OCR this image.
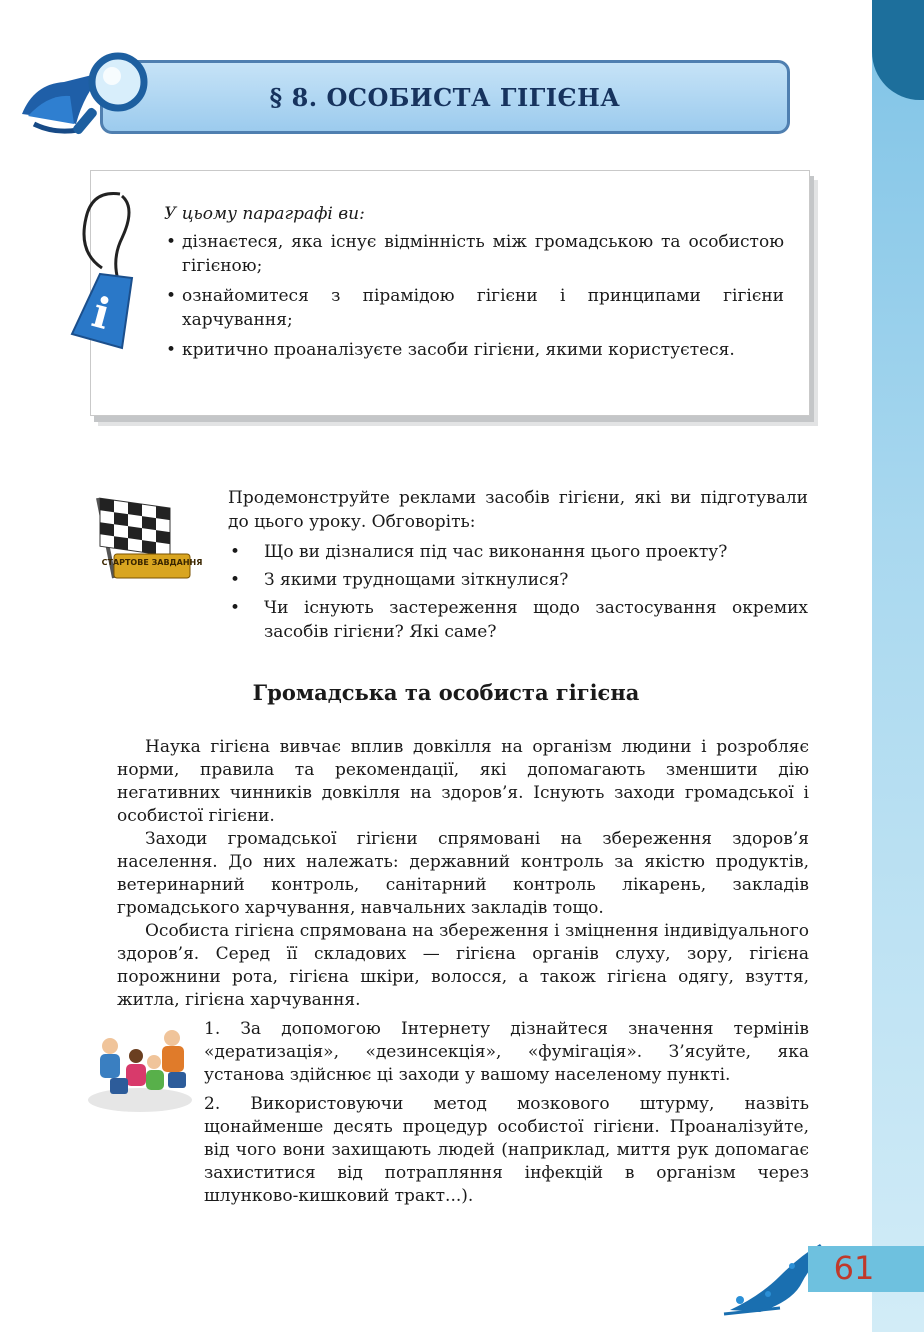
§ 8. ОСОБИСТА ГІГІЄНА
i
У цьому параграфі ви:
• дізнаєтеся, яка існує відмінність між громадською та особистою гігієною;
• ознайомитеся з пірамідою гігієни і принципами гігієни харчування;
• критично проаналізуєте засоби гігієни, якими користуєтеся.
СТАРТОВЕ ЗАВДАННЯ
Продемонструйте реклами засобів гігієни, які ви підготували до цього уроку. Обговоріть:
• Що ви дізналися під час виконання цього проекту?
• З якими труднощами зіткнулися?
• Чи існують застереження щодо застосування окремих засобів гігієни? Які саме?
Громадська та особиста гігієна

Наука гігієна вивчає вплив довкілля на організм людини і розробляє норми, правила та рекомендації, які допомагають зменшити дію негативних чинників довкілля на здоров’я. Існують заходи громадської і особистої гігієни.

Заходи громадської гігієни спрямовані на збереження здоров’я населення. До них належать: державний контроль за якістю продуктів, ветеринарний контроль, санітарний контроль лікарень, закладів громадського харчування, навчальних закладів тощо.

Особиста гігієна спрямована на збереження і зміцнення індивідуального здоров’я. Серед її складових — гігієна органів слуху, зору, гігієна порожнини рота, гігієна шкіри, волосся, а також гігієна одягу, взуття, житла, гігієна харчування.

1. За допомогою Інтернету дізнайтеся значення термінів «дератизація», «дезинсекція», «фумігація». З’ясуйте, яка установа здійснює ці заходи у вашому населеному пункті.

2. Використовуючи метод мозкового штурму, назвіть щонайменше десять процедур особистої гігієни. Проаналізуйте, від чого вони захищають людей (наприклад, миття рук допомагає захиститися від потрапляння інфекцій в організм через шлунково-кишковий тракт...).

61
